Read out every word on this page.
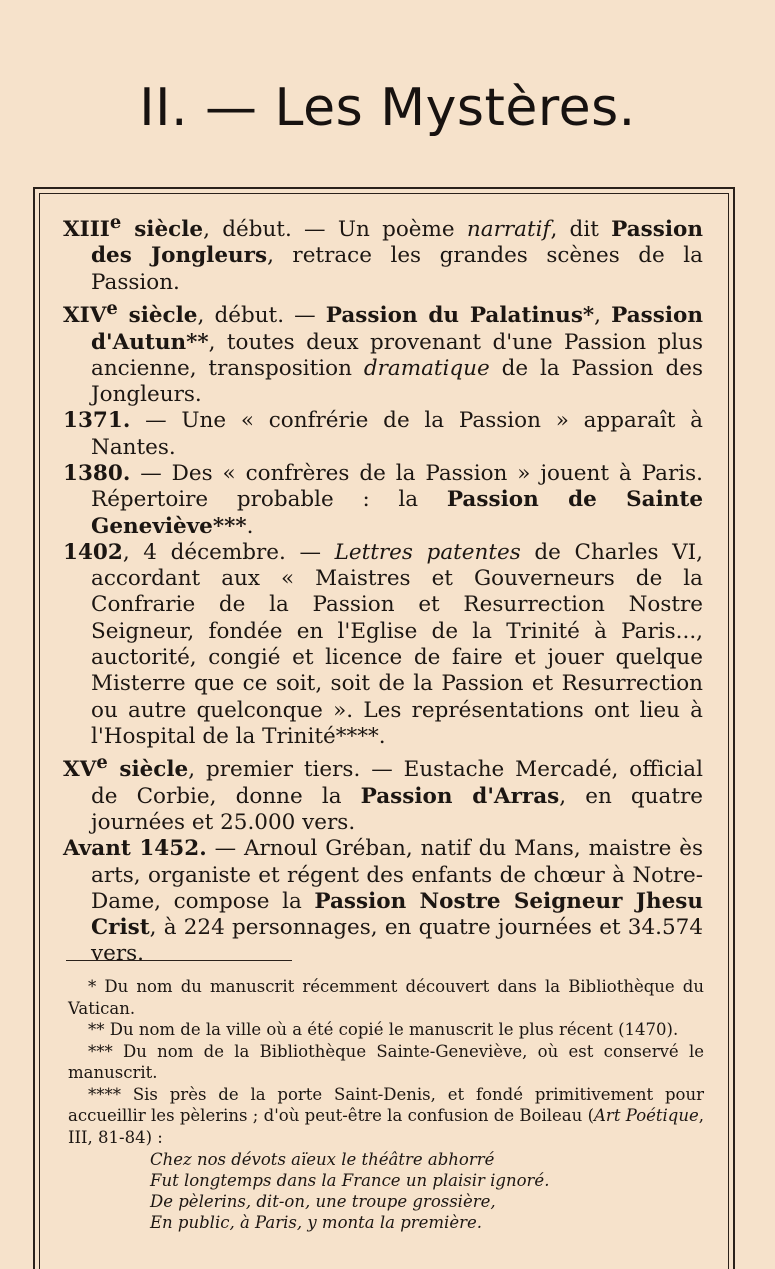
II. — Les Mystères.

XIIIe siècle, début. — Un poème narratif, dit Passion des Jongleurs, retrace les grandes scènes de la Passion.

XIVe siècle, début. — Passion du Palatinus*, Passion d'Autun**, toutes deux provenant d'une Passion plus ancienne, transposition dramatique de la Passion des Jongleurs.

1371. — Une « confrérie de la Passion » apparaît à Nantes.

1380. — Des « confrères de la Passion » jouent à Paris. Répertoire probable : la Passion de Sainte Geneviève***.

1402, 4 décembre. — Lettres patentes de Charles VI, accordant aux « Maistres et Gouverneurs de la Confrarie de la Passion et Resurrection Nostre Seigneur, fondée en l'Eglise de la Trinité à Paris..., auctorité, congié et licence de faire et jouer quelque Misterre que ce soit, soit de la Passion et Resurrection ou autre quelconque ». Les représentations ont lieu à l'Hospital de la Trinité****.

XVe siècle, premier tiers. — Eustache Mercadé, official de Corbie, donne la Passion d'Arras, en quatre journées et 25.000 vers.

Avant 1452. — Arnoul Gréban, natif du Mans, maistre ès arts, organiste et régent des enfants de chœur à Notre-Dame, compose la Passion Nostre Seigneur Jhesu Crist, à 224 personnages, en quatre journées et 34.574 vers.

* Du nom du manuscrit récemment découvert dans la Bibliothèque du Vatican.

** Du nom de la ville où a été copié le manuscrit le plus récent (1470).

*** Du nom de la Bibliothèque Sainte-Geneviève, où est conservé le manuscrit.

**** Sis près de la porte Saint-Denis, et fondé primitivement pour accueillir les pèlerins ; d'où peut-être la confusion de Boileau (Art Poétique, III, 81-84) :

Chez nos dévots aïeux le théâtre abhorré
Fut longtemps dans la France un plaisir ignoré.
De pèlerins, dit-on, une troupe grossière,
En public, à Paris, y monta la première.
